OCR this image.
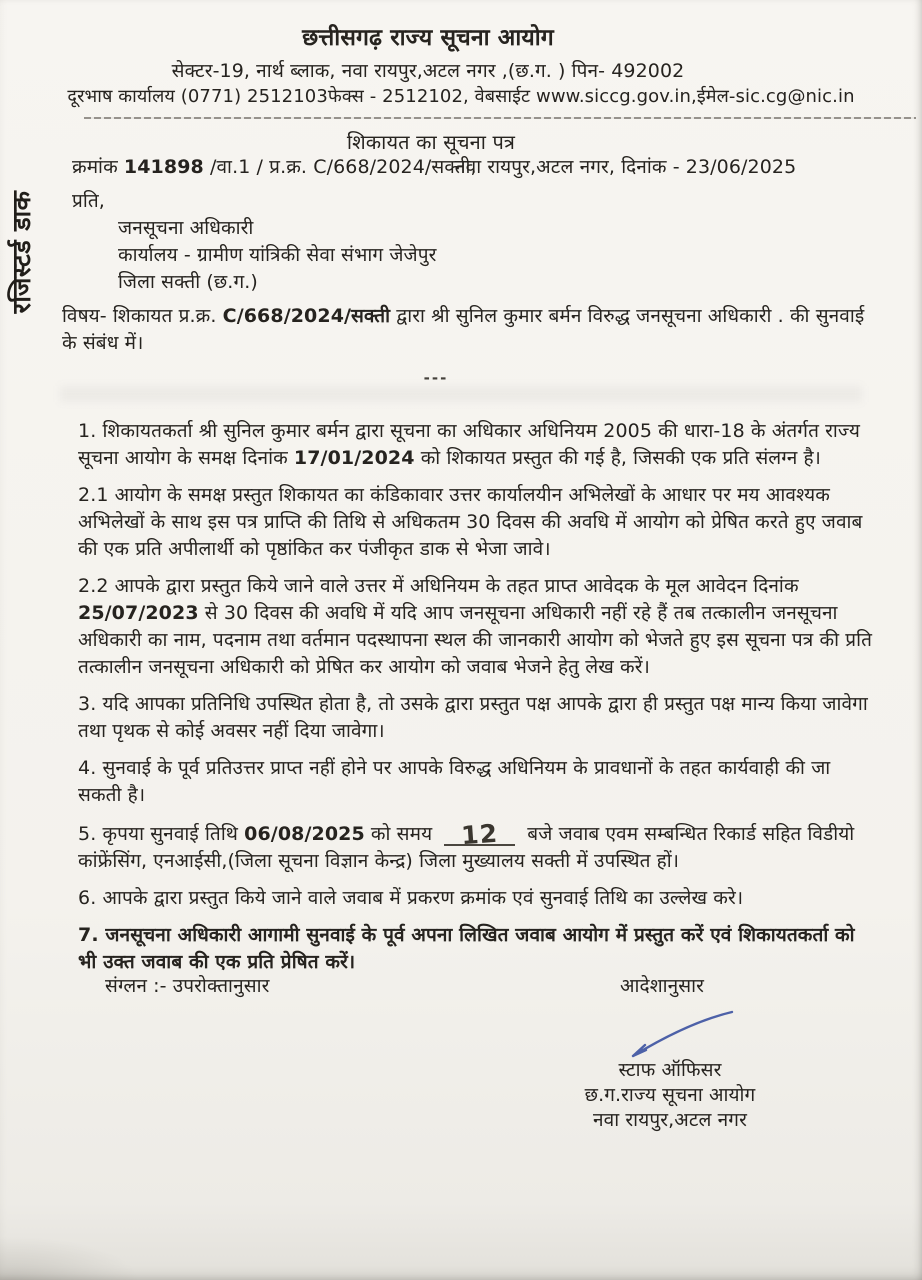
रजिस्टर्ड डाक
छत्तीसगढ़ राज्य सूचना आयोग
सेक्टर-19, नार्थ ब्लाक, नवा रायपुर,अटल नगर ,(छ.ग. ) पिन- 492002
दूरभाष कार्यालय (0771) 2512103फेक्स - 2512102, वेबसाईट www.siccg.gov.in,ईमेल-sic.cg@nic.in
शिकायत का सूचना पत्र
क्रमांक 141898 /वा.1 / प्र.क्र. C/668/2024/सक्ती,
नवा रायपुर,अटल नगर, दिनांक - 23/06/2025
प्रति,
जनसूचना अधिकारी
कार्यालय - ग्रामीण यांत्रिकी सेवा संभाग जेजेपुर
जिला सक्ती (छ.ग.)
विषय- शिकायत प्र.क्र. C/668/2024/सक्ती द्वारा श्री सुनिल कुमार बर्मन विरुद्ध जनसूचना अधिकारी . की सुनवाई के संबंध में।
---

1. शिकायतकर्ता श्री सुनिल कुमार बर्मन द्वारा सूचना का अधिकार अधिनियम 2005 की धारा-18 के अंतर्गत राज्य सूचना आयोग के समक्ष दिनांक 17/01/2024 को शिकायत प्रस्तुत की गई है, जिसकी एक प्रति संलग्न है।

2.1 आयोग के समक्ष प्रस्तुत शिकायत का कंडिकावार उत्तर कार्यालयीन अभिलेखों के आधार पर मय आवश्यक अभिलेखों के साथ इस पत्र प्राप्ति की तिथि से अधिकतम 30 दिवस की अवधि में आयोग को प्रेषित करते हुए जवाब की एक प्रति अपीलार्थी को पृष्ठांकित कर पंजीकृत डाक से भेजा जावे।

2.2 आपके द्वारा प्रस्तुत किये जाने वाले उत्तर में अधिनियम के तहत प्राप्त आवेदक के मूल आवेदन दिनांक 25/07/2023 से 30 दिवस की अवधि में यदि आप जनसूचना अधिकारी नहीं रहे हैं तब तत्कालीन जनसूचना अधिकारी का नाम, पदनाम तथा वर्तमान पदस्थापना स्थल की जानकारी आयोग को भेजते हुए इस सूचना पत्र की प्रति तत्कालीन जनसूचना अधिकारी को प्रेषित कर आयोग को जवाब भेजने हेतु लेख करें।

3. यदि आपका प्रतिनिधि उपस्थित होता है, तो उसके द्वारा प्रस्तुत पक्ष आपके द्वारा ही प्रस्तुत पक्ष मान्य किया जावेगा तथा पृथक से कोई अवसर नहीं दिया जावेगा।

4. सुनवाई के पूर्व प्रतिउत्तर प्राप्त नहीं होने पर आपके विरुद्ध अधिनियम के प्रावधानों के तहत कार्यवाही की जा सकती है।

5. कृपया सुनवाई तिथि 06/08/2025 को समय 12 बजे जवाब एवम सम्बन्धित रिकार्ड सहित विडीयो कांफ्रेंसिंग, एनआईसी,(जिला सूचना विज्ञान केन्द्र) जिला मुख्यालय सक्ती में उपस्थित हों।

6. आपके द्वारा प्रस्तुत किये जाने वाले जवाब में प्रकरण क्रमांक एवं सुनवाई तिथि का उल्लेख करे।

7. जनसूचना अधिकारी आगामी सुनवाई के पूर्व अपना लिखित जवाब आयोग में प्रस्तुत करें एवं शिकायतकर्ता को भी उक्त जवाब की एक प्रति प्रेषित करें।

संग्लन :- उपरोक्तानुसार	आदेशानुसार
स्टाफ ऑफिसर
छ.ग.राज्य सूचना आयोग
नवा रायपुर,अटल नगर
